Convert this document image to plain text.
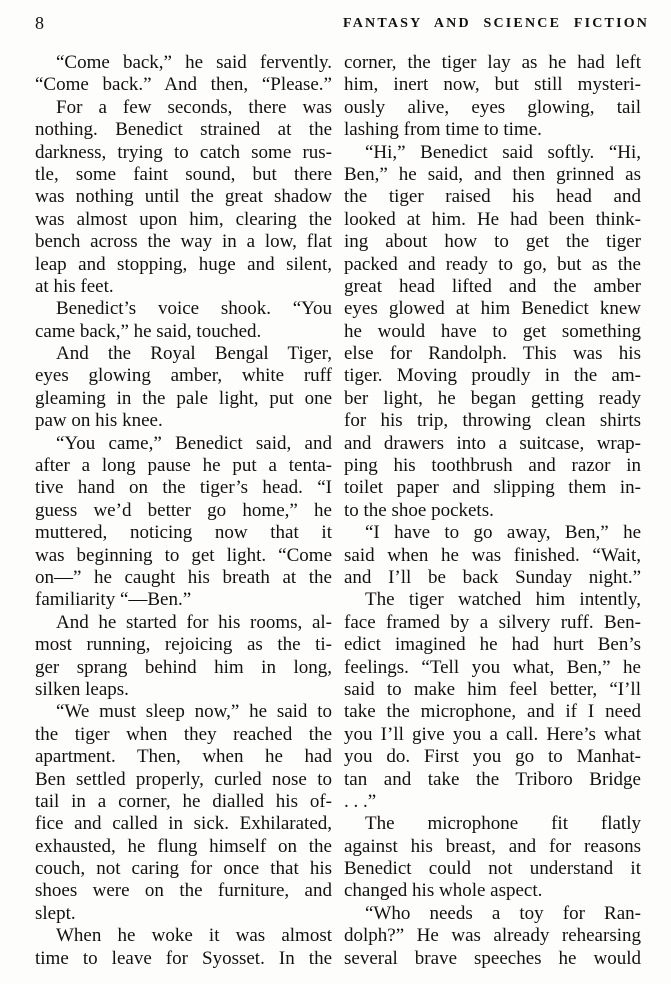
8	FANTASY AND SCIENCE FICTION
“Come back,” he said fervently.
“Come back.” And then, “Please.”
For a few seconds, there was
nothing. Benedict strained at the
darkness, trying to catch some rus-
tle, some faint sound, but there
was nothing until the great shadow
was almost upon him, clearing the
bench across the way in a low, flat
leap and stopping, huge and silent,
at his feet.
Benedict’s voice shook. “You
came back,” he said, touched.
And the Royal Bengal Tiger,
eyes glowing amber, white ruff
gleaming in the pale light, put one
paw on his knee.
“You came,” Benedict said, and
after a long pause he put a tenta-
tive hand on the tiger’s head. “I
guess we’d better go home,” he
muttered, noticing now that it
was beginning to get light. “Come
on—” he caught his breath at the
familiarity “—Ben.”
And he started for his rooms, al-
most running, rejoicing as the ti-
ger sprang behind him in long,
silken leaps.
“We must sleep now,” he said to
the tiger when they reached the
apartment. Then, when he had
Ben settled properly, curled nose to
tail in a corner, he dialled his of-
fice and called in sick. Exhilarated,
exhausted, he flung himself on the
couch, not caring for once that his
shoes were on the furniture, and
slept.
When he woke it was almost
time to leave for Syosset. In the
corner, the tiger lay as he had left
him, inert now, but still mysteri-
ously alive, eyes glowing, tail
lashing from time to time.
“Hi,” Benedict said softly. “Hi,
Ben,” he said, and then grinned as
the tiger raised his head and
looked at him. He had been think-
ing about how to get the tiger
packed and ready to go, but as the
great head lifted and the amber
eyes glowed at him Benedict knew
he would have to get something
else for Randolph. This was his
tiger. Moving proudly in the am-
ber light, he began getting ready
for his trip, throwing clean shirts
and drawers into a suitcase, wrap-
ping his toothbrush and razor in
toilet paper and slipping them in-
to the shoe pockets.
“I have to go away, Ben,” he
said when he was finished. “Wait,
and I’ll be back Sunday night.”
The tiger watched him intently,
face framed by a silvery ruff. Ben-
edict imagined he had hurt Ben’s
feelings. “Tell you what, Ben,” he
said to make him feel better, “I’ll
take the microphone, and if I need
you I’ll give you a call. Here’s what
you do. First you go to Manhat-
tan and take the Triboro Bridge
. . .”
The microphone fit flatly
against his breast, and for reasons
Benedict could not understand it
changed his whole aspect.
“Who needs a toy for Ran-
dolph?” He was already rehearsing
several brave speeches he would
